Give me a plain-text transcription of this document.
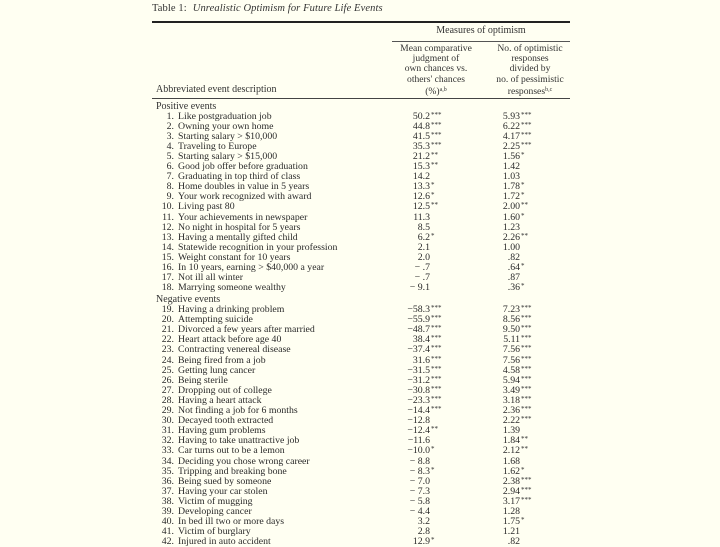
Table 1: Unrealistic Optimism for Future Life Events
Measures of optimism
Mean comparative
judgment of
own chances vs.
others' chances
(%)$^{a,b}$
No. of optimistic
responses
divided by
no. of pessimistic
responses$^{b,c}$
Abbreviated event description
Positive events
1. Like postgraduation job	50.2 ***	5.93 ***
2. Owning your own home	44.8 ***	6.22 ***
3. Starting salary > $10,000	41.5 ***	4.17 ***
4. Traveling to Europe	35.3 ***	2.25 ***
5. Starting salary > $15,000	21.2 **	1.56 *
6. Good job offer before graduation	15.3 **	1.42
7. Graduating in top third of class	14.2	1.03
8. Home doubles in value in 5 years	13.3 *	1.78 *
9. Your work recognized with award	12.6 *	1.72 *
10. Living past 80	12.5 **	2.00 **
11. Your achievements in newspaper	11.3	1.60 *
12. No night in hospital for 5 years	8.5	1.23
13. Having a mentally gifted child	6.2 *	2.26 **
14. Statewide recognition in your profession	2.1	1.00
15. Weight constant for 10 years	2.0	.82
16. In 10 years, earning > $40,000 a year	− .7	.64 *
17. Not ill all winter	− .7	.87
18. Marrying someone wealthy	− 9.1	.36 *
Negative events
19. Having a drinking problem	−58.3 ***	7.23 ***
20. Attempting suicide	−55.9 ***	8.56 ***
21. Divorced a few years after married	−48.7 ***	9.50 ***
22. Heart attack before age 40	38.4 ***	5.11 ***
23. Contracting venereal disease	−37.4 ***	7.56 ***
24. Being fired from a job	31.6 ***	7.56 ***
25. Getting lung cancer	−31.5 ***	4.58 ***
26. Being sterile	−31.2 ***	5.94 ***
27. Dropping out of college	−30.8 ***	3.49 ***
28. Having a heart attack	−23.3 ***	3.18 ***
29. Not finding a job for 6 months	−14.4 ***	2.36 ***
30. Decayed tooth extracted	−12.8	2.22 ***
31. Having gum problems	−12.4 **	1.39
32. Having to take unattractive job	−11.6	1.84 **
33. Car turns out to be a lemon	−10.0 *	2.12 **
34. Deciding you chose wrong career	− 8.8	1.68
35. Tripping and breaking bone	− 8.3 *	1.62 *
36. Being sued by someone	− 7.0	2.38 ***
37. Having your car stolen	− 7.3	2.94 ***
38. Victim of mugging	− 5.8	3.17 ***
39. Developing cancer	− 4.4	1.28
40. In bed ill two or more days	3.2	1.75 *
41. Victim of burglary	2.8	1.21
42. Injured in auto accident	12.9 *	.82
